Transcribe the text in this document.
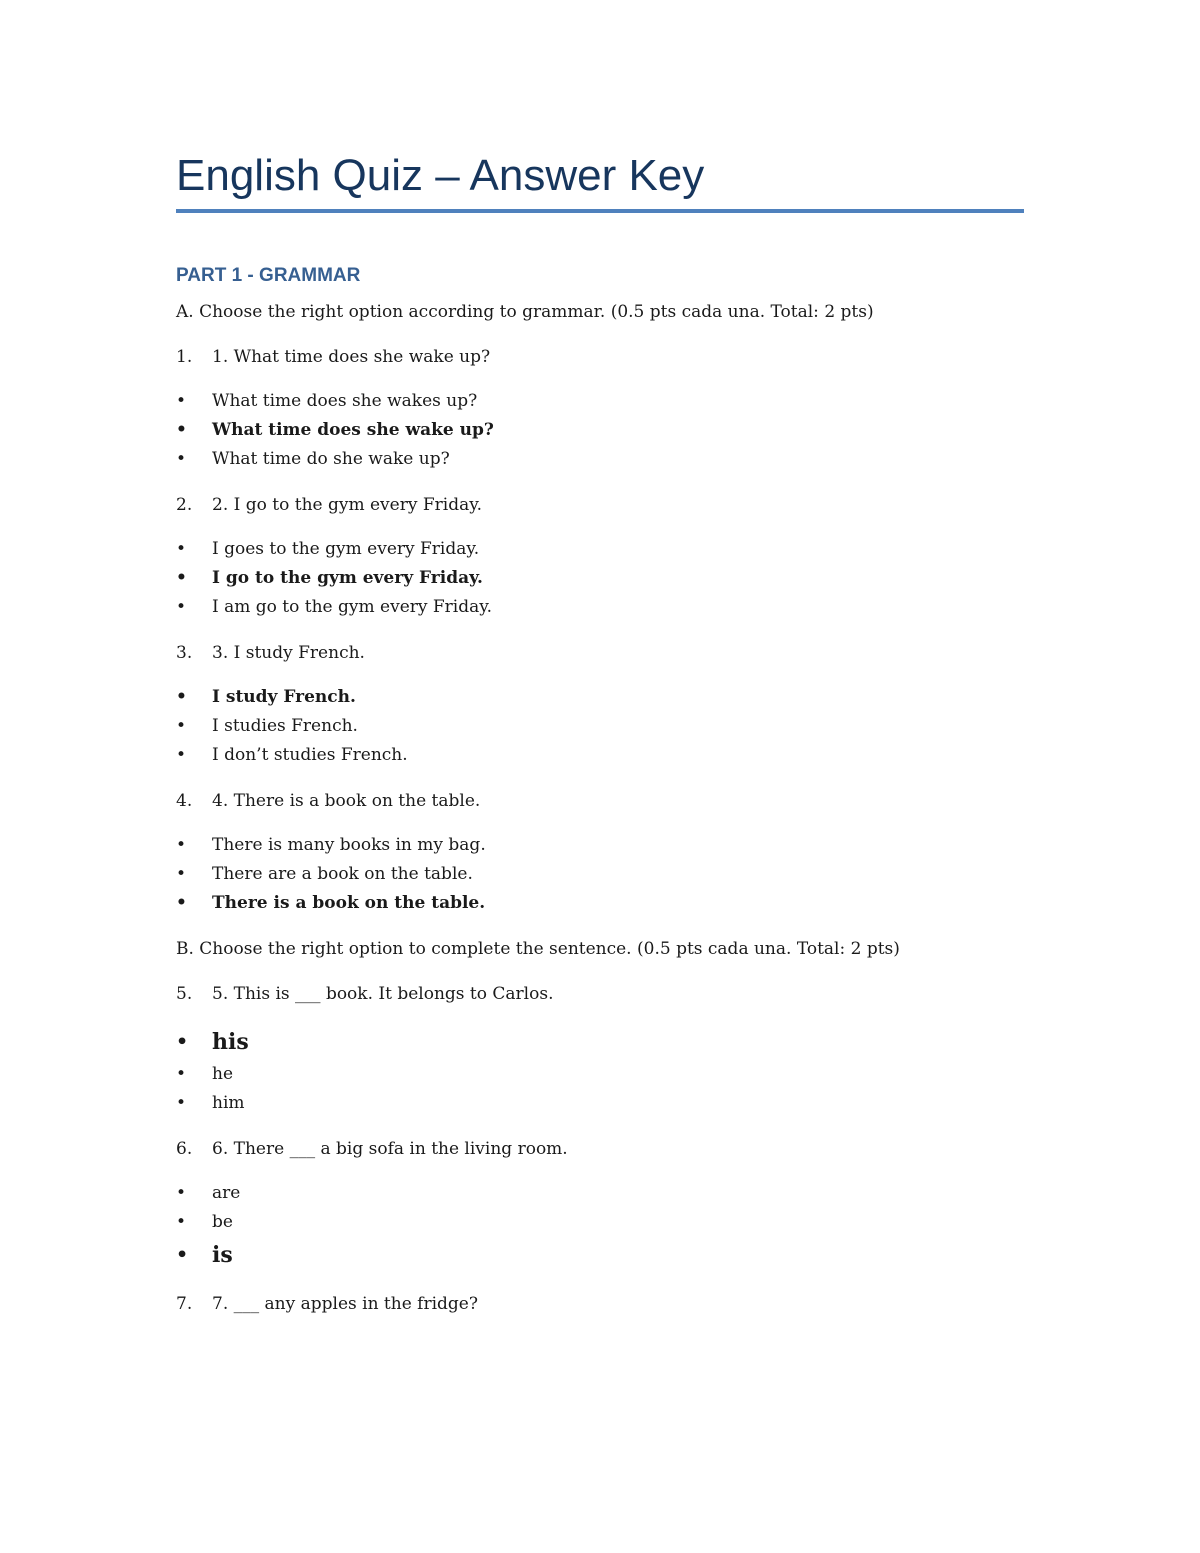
English Quiz – Answer Key
PART 1 - GRAMMAR

A. Choose the right option according to grammar. (0.5 pts cada una. Total: 2 pts)

1. 1. What time does she wake up?
• What time does she wakes up?
• What time does she wake up?
• What time do she wake up?
2. 2. I go to the gym every Friday.
• I goes to the gym every Friday.
• I go to the gym every Friday.
• I am go to the gym every Friday.
3. 3. I study French.
• I study French.
• I studies French.
• I don’t studies French.
4. 4. There is a book on the table.
• There is many books in my bag.
• There are a book on the table.
• There is a book on the table.

B. Choose the right option to complete the sentence. (0.5 pts cada una. Total: 2 pts)

5. 5. This is ___ book. It belongs to Carlos.
• his
• he
• him
6. 6. There ___ a big sofa in the living room.
• are
• be
• is
7. 7. ___ any apples in the fridge?
